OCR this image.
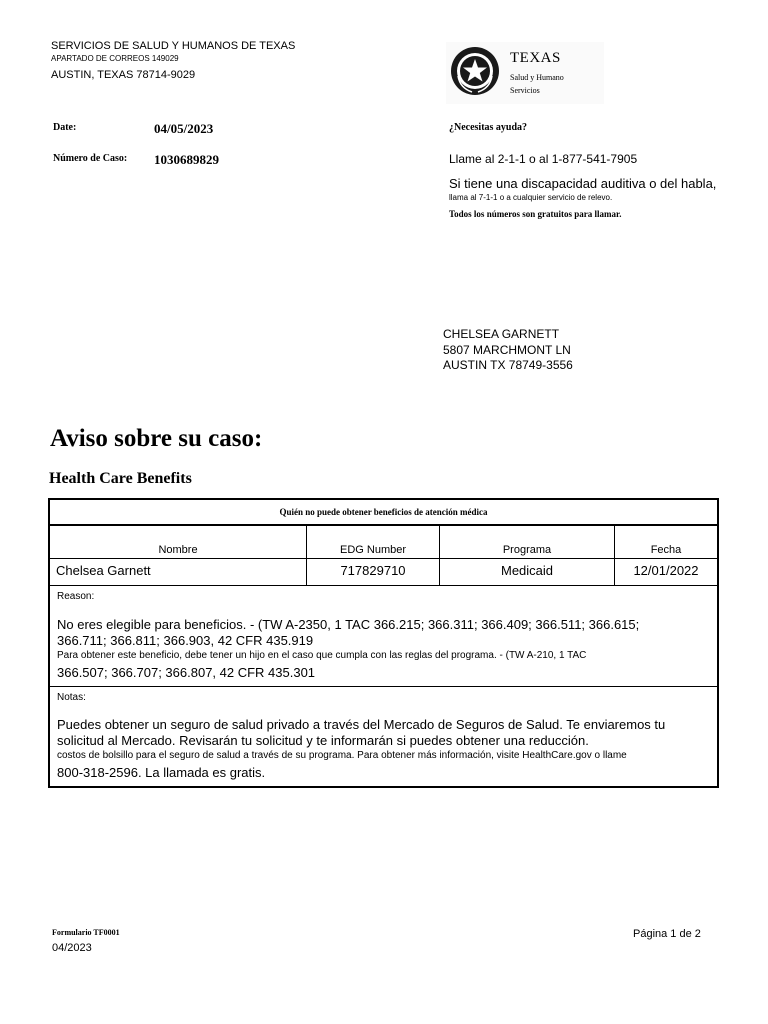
SERVICIOS DE SALUD Y HUMANOS DE TEXAS
APARTADO DE CORREOS 149029
AUSTIN, TEXAS 78714-9029
TEXAS
Salud y Humano
Servicios
Date:	04/05/2023
Número de Caso: 1030689829
¿Necesitas ayuda?
Llame al 2-1-1 o al 1-877-541-7905
Si tiene una discapacidad auditiva o del habla,
llama al 7-1-1 o a cualquier servicio de relevo.
Todos los números son gratuitos para llamar.
CHELSEA GARNETT
5807 MARCHMONT LN
AUSTIN TX 78749-3556
Aviso sobre su caso:
Health Care Benefits
Quién no puede obtener beneficios de atención médica
Nombre	EDG Number	Programa	Fecha
Chelsea Garnett	717829710	Medicaid	12/01/2022
Reason:
No eres elegible para beneficios. - (TW A-2350, 1 TAC 366.215; 366.311; 366.409; 366.511; 366.615;
366.711; 366.811; 366.903, 42 CFR 435.919
Para obtener este beneficio, debe tener un hijo en el caso que cumpla con las reglas del programa. - (TW A-210, 1 TAC
366.507; 366.707; 366.807, 42 CFR 435.301
Notas:
Puedes obtener un seguro de salud privado a través del Mercado de Seguros de Salud. Te enviaremos tu
solicitud al Mercado. Revisarán tu solicitud y te informarán si puedes obtener una reducción.
costos de bolsillo para el seguro de salud a través de su programa. Para obtener más información, visite HealthCare.gov o llame
800-318-2596. La llamada es gratis.
Formulario TF0001
04/2023
Página 1 de 2
